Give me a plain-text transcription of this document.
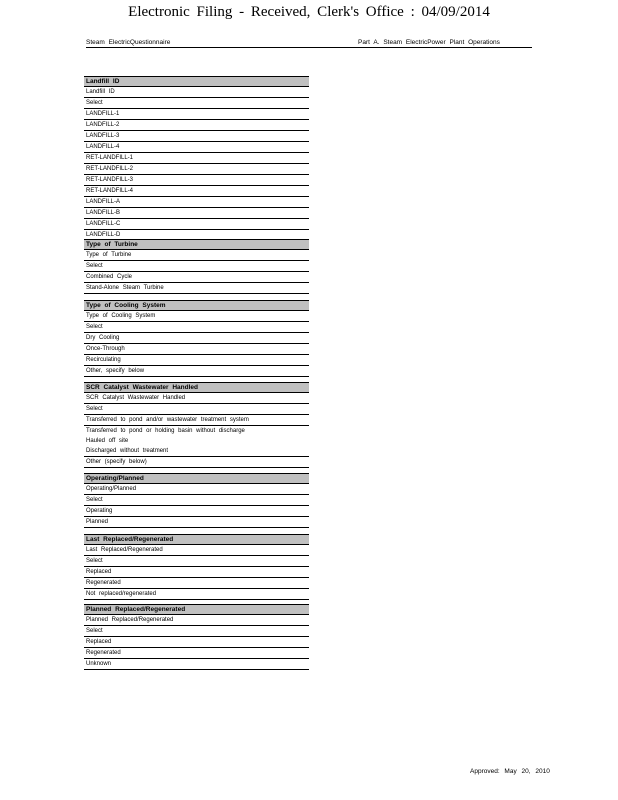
Electronic Filing - Received, Clerk's Office : 04/09/2014
Steam ElectricQuestionnaire	Part A. Steam ElectricPower Plant Operations
Landfill ID
Landfill ID
Select
LANDFILL-1
LANDFILL-2
LANDFILL-3
LANDFILL-4
RET-LANDFILL-1
RET-LANDFILL-2
RET-LANDFILL-3
RET-LANDFILL-4
LANDFILL-A
LANDFILL-B
LANDFILL-C
LANDFILL-D
Type of Turbine
Type of Turbine
Select
Combined Cycle
Stand-Alone Steam Turbine
Type of Cooling System
Type of Cooling System
Select
Dry Cooling
Once-Through
Recirculating
Other, specify below
SCR Catalyst Wastewater Handled
SCR Catalyst Wastewater Handled
Select
Transferred to pond and/or wastewater treatment system
Transferred to pond or holding basin without discharge
Hauled off site
Discharged without treatment
Other (specify below)
Operating/Planned
Operating/Planned
Select
Operating
Planned
Last Replaced/Regenerated
Last Replaced/Regenerated
Select
Replaced
Regenerated
Not replaced/regenerated
Planned Replaced/Regenerated
Planned Replaced/Regenerated
Select
Replaced
Regenerated
Unknown
Approved: May 20, 2010
